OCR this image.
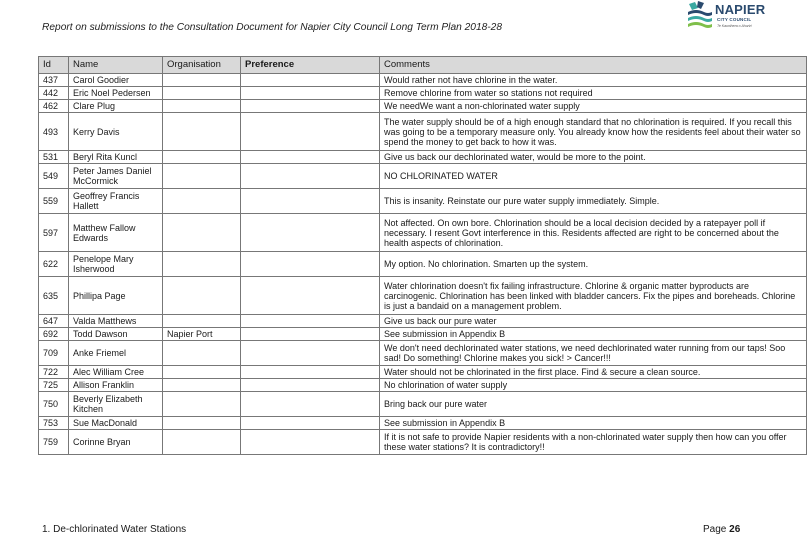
Report on submissions to the Consultation Document for Napier City Council Long Term Plan 2018-28
NAPIER
CITY COUNCIL
Te Kaunihera o Ahuriri
Id	Name	Organisation	Preference	Comments
437	Carol Goodier			Would rather not have chlorine in the water.
442	Eric Noel Pedersen			Remove chlorine from water so stations not required
462	Clare Plug			We needWe want a non-chlorinated water supply
493	Kerry Davis			The water supply should be of a high enough standard that no chlorination is required. If you recall this was going to be a temporary measure only. You already know how the residents feel about their water so spend the money to get back to how it was.
531	Beryl Rita Kuncl			Give us back our dechlorinated water, would be more to the point.
549	Peter James Daniel McCormick			NO CHLORINATED WATER
559	Geoffrey Francis Hallett			This is insanity. Reinstate our pure water supply immediately. Simple.
597	Matthew Fallow Edwards			Not affected. On own bore. Chlorination should be a local decision decided by a ratepayer poll if necessary. I resent Govt interference in this. Residents affected are right to be concerned about the health aspects of chlorination.
622	Penelope Mary Isherwood			My option. No chlorination. Smarten up the system.
635	Phillipa Page			Water chlorination doesn't fix failing infrastructure. Chlorine & organic matter byproducts are carcinogenic. Chlorination has been linked with bladder cancers. Fix the pipes and boreheads. Chlorine is just a bandaid on a management problem.
647	Valda Matthews			Give us back our pure water
692	Todd Dawson	Napier Port		See submission in Appendix B
709	Anke Friemel			We don't need dechlorinated water stations, we need dechlorinated water running from our taps! Soo sad! Do something! Chlorine makes you sick! > Cancer!!!
722	Alec William Cree			Water should not be chlorinated in the first place. Find & secure a clean source.
725	Allison Franklin			No chlorination of water supply
750	Beverly Elizabeth Kitchen			Bring back our pure water
753	Sue MacDonald			See submission in Appendix B
759	Corinne Bryan			If it is not safe to provide Napier residents with a non-chlorinated water supply then how can you offer these water stations? It is contradictory!!
1. De-chlorinated Water Stations	Page 26
